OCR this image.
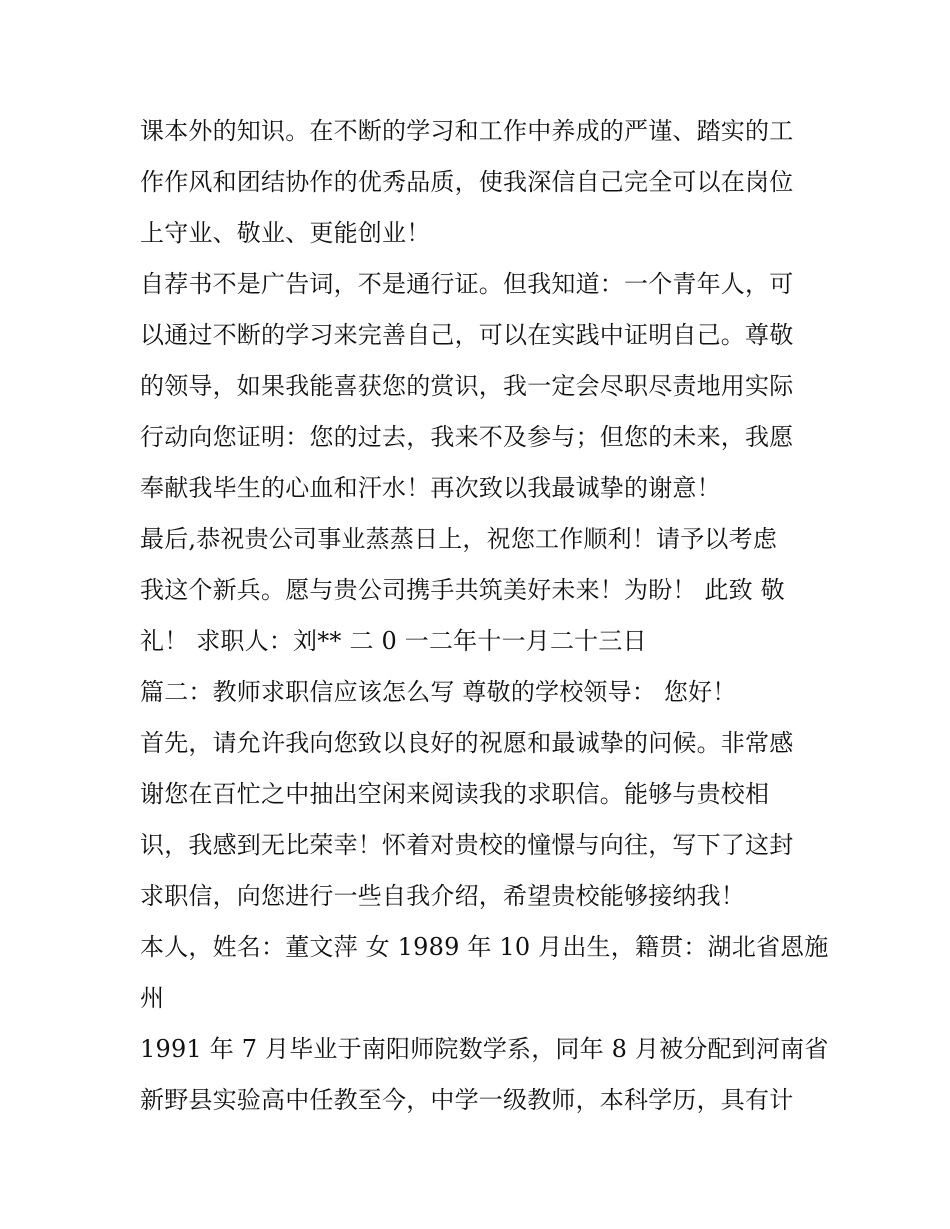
课本外的知识。在不断的学习和工作中养成的严谨、踏实的工
作作风和团结协作的优秀品质，使我深信自己完全可以在岗位
上守业、敬业、更能创业！
自荐书不是广告词，不是通行证。但我知道：一个青年人，可
以通过不断的学习来完善自己，可以在实践中证明自己。尊敬
的领导，如果我能喜获您的赏识，我一定会尽职尽责地用实际
行动向您证明：您的过去，我来不及参与；但您的未来，我愿
奉献我毕生的心血和汗水！再次致以我最诚挚的谢意！
最后,恭祝贵公司事业蒸蒸日上，祝您工作顺利！请予以考虑
我这个新兵。愿与贵公司携手共筑美好未来！为盼！ 此致 敬
礼！ 求职人：刘** 二 0 一二年十一月二十三日
篇二：教师求职信应该怎么写 尊敬的学校领导： 您好！
首先，请允许我向您致以良好的祝愿和最诚挚的问候。非常感
谢您在百忙之中抽出空闲来阅读我的求职信。能够与贵校相
识，我感到无比荣幸！怀着对贵校的憧憬与向往，写下了这封
求职信，向您进行一些自我介绍，希望贵校能够接纳我！
本人，姓名：董文萍 女 1989 年 10 月出生，籍贯：湖北省恩施
州
1991 年 7 月毕业于南阳师院数学系，同年 8 月被分配到河南省
新野县实验高中任教至今，中学一级教师，本科学历，具有计
